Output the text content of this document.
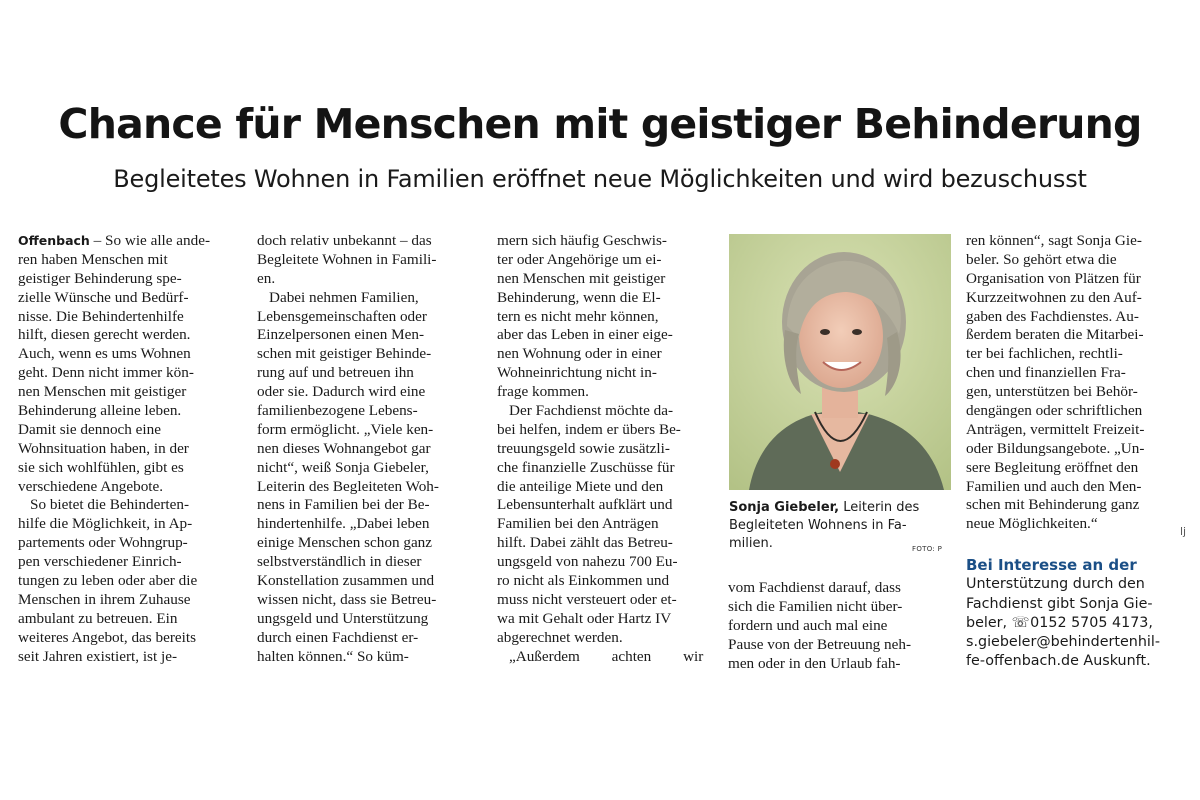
Chance für Menschen mit geistiger Behinderung
Begleitetes Wohnen in Familien eröffnet neue Möglichkeiten und wird bezuschusst
Offenbach – So wie alle ande-
ren haben Menschen mit
geistiger Behinderung spe-
zielle Wünsche und Bedürf-
nisse. Die Behindertenhilfe
hilft, diesen gerecht werden.
Auch, wenn es ums Wohnen
geht. Denn nicht immer kön-
nen Menschen mit geistiger
Behinderung alleine leben.
Damit sie dennoch eine
Wohnsituation haben, in der
sie sich wohlfühlen, gibt es
verschiedene Angebote.
So bietet die Behinderten-
hilfe die Möglichkeit, in Ap-
partements oder Wohngrup-
pen verschiedener Einrich-
tungen zu leben oder aber die
Menschen in ihrem Zuhause
ambulant zu betreuen. Ein
weiteres Angebot, das bereits
seit Jahren existiert, ist je-
doch relativ unbekannt – das
Begleitete Wohnen in Famili-
en.
Dabei nehmen Familien,
Lebensgemeinschaften oder
Einzelpersonen einen Men-
schen mit geistiger Behinde-
rung auf und betreuen ihn
oder sie. Dadurch wird eine
familienbezogene Lebens-
form ermöglicht. „Viele ken-
nen dieses Wohnangebot gar
nicht“, weiß Sonja Giebeler,
Leiterin des Begleiteten Woh-
nens in Familien bei der Be-
hindertenhilfe. „Dabei leben
einige Menschen schon ganz
selbstverständlich in dieser
Konstellation zusammen und
wissen nicht, dass sie Betreu-
ungsgeld und Unterstützung
durch einen Fachdienst er-
halten können.“ So küm-
mern sich häufig Geschwis-
ter oder Angehörige um ei-
nen Menschen mit geistiger
Behinderung, wenn die El-
tern es nicht mehr können,
aber das Leben in einer eige-
nen Wohnung oder in einer
Wohneinrichtung nicht in-
frage kommen.
Der Fachdienst möchte da-
bei helfen, indem er übers Be-
treuungsgeld sowie zusätzli-
che finanzielle Zuschüsse für
die anteilige Miete und den
Lebensunterhalt aufklärt und
Familien bei den Anträgen
hilft. Dabei zählt das Betreu-
ungsgeld von nahezu 700 Eu-
ro nicht als Einkommen und
muss nicht versteuert oder et-
wa mit Gehalt oder Hartz IV
abgerechnet werden.
„Außerdem achten wir
Sonja Giebeler, Leiterin des
Begleiteten Wohnens in Fa-
milien.	FOTO: P
vom Fachdienst darauf, dass
sich die Familien nicht über-
fordern und auch mal eine
Pause von der Betreuung neh-
men oder in den Urlaub fah-
ren können“, sagt Sonja Gie-
beler. So gehört etwa die
Organisation von Plätzen für
Kurzzeitwohnen zu den Auf-
gaben des Fachdienstes. Au-
ßerdem beraten die Mitarbei-
ter bei fachlichen, rechtli-
chen und finanziellen Fra-
gen, unterstützen bei Behör-
dengängen oder schriftlichen
Anträgen, vermittelt Freizeit-
oder Bildungsangebote. „Un-
sere Begleitung eröffnet den
Familien und auch den Men-
schen mit Behinderung ganz
neue Möglichkeiten.“	lj
Bei Interesse an der
Unterstützung durch den
Fachdienst gibt Sonja Gie-
beler, ☏ 0152 5705 4173,
s.giebeler@behindertenhil-
fe-offenbach.de Auskunft.
